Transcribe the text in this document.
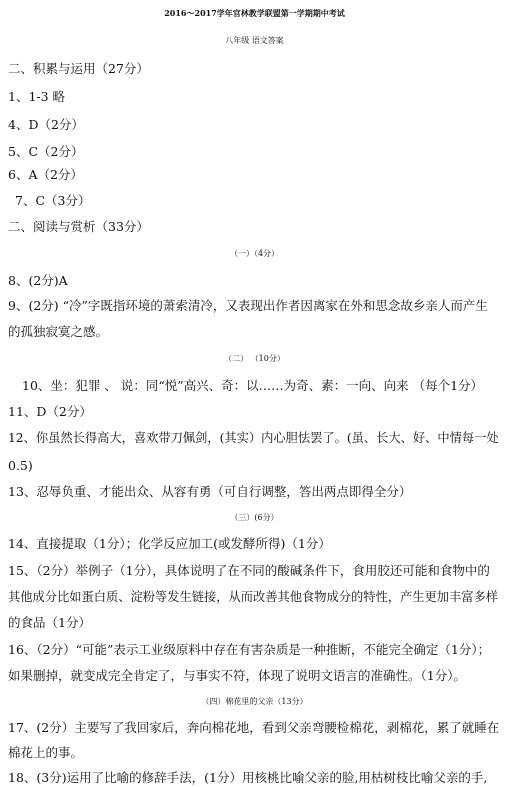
2016～2017学年官林教学联盟第一学期期中考试
八年级 语文答案
二、积累与运用（27分）
1、1-3 略
4、D（2分）
5、C（2分）
6、A（2分）
7、C（3分）
二、阅读与赏析（33分）
（一）（4分）
8、(2分)A
9、(2分) “冷”字既指环境的萧索清冷，又表现出作者因离家在外和思念故乡亲人而产生
的孤独寂寞之感。
（二） （10分）
10、坐：犯罪 、 说：同“悦”高兴、奇：以……为奇、素：一向、向来 （每个1分）
11、D（2分）
12、你虽然长得高大，喜欢带刀佩剑，(其实）内心胆怯罢了。(虽、长大、好、中情每一处
0.5)
13、忍辱负重、才能出众、从容有勇（可自行调整，答出两点即得全分）
（三）(6分）
14、直接提取（1分）；化学反应加工(或发酵所得)（1分）
15、（2分）举例子（1分），具体说明了在不同的酸碱条件下，食用胶还可能和食物中的
其他成分比如蛋白质、淀粉等发生链接，从而改善其他食物成分的特性，产生更加丰富多样
的食品（1分）
16、（2分）“可能”表示工业级原料中存在有害杂质是一种推断，不能完全确定（1分）；
如果删掉，就变成完全肯定了，与事实不符，体现了说明文语言的准确性。（1分）。
（四）棉花里的父亲（13分）
17、(2分）主要写了我回家后，奔向棉花地，看到父亲弯腰检棉花，剥棉花，累了就睡在
棉花上的事。
18、(3分)运用了比喻的修辞手法，(1分）用核桃比喻父亲的脸,用枯树枝比喻父亲的手,
